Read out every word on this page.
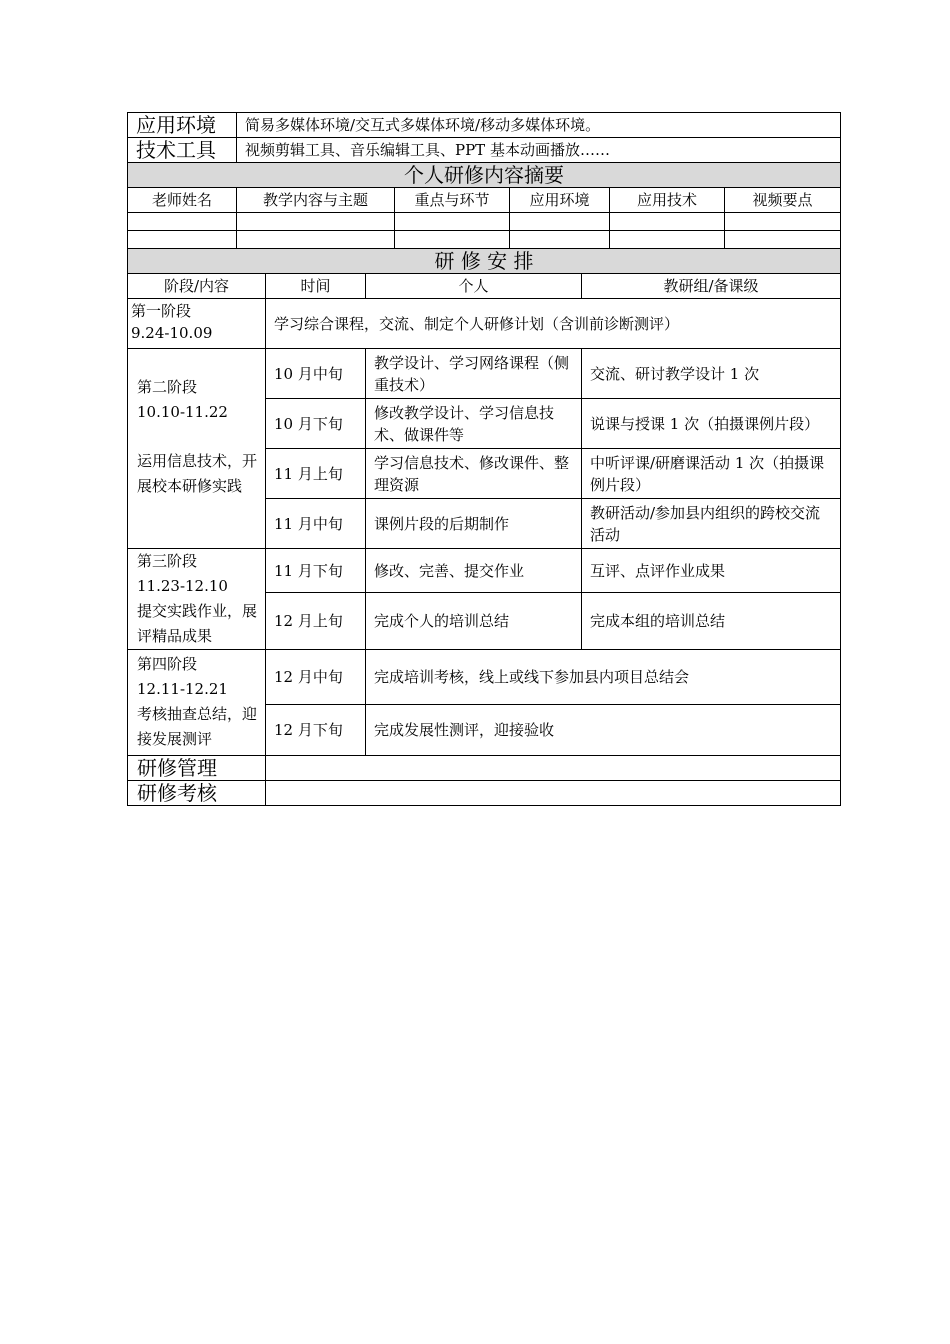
应用环境	简易多媒体环境/交互式多媒体环境/移动多媒体环境。
技术工具	视频剪辑工具、音乐编辑工具、PPT 基本动画播放……
个人研修内容摘要					
老师姓名	教学内容与主题	重点与环节	应用环境	应用技术	视频要点

研 修 安 排			
阶段/内容	时间	个人	教研组/备课级

第一阶段
9.24-10.09	学习综合课程，交流、制定个人研修计划（含训前诊断测评）		

第二阶段
10.10-11.22
运用信息技术，开展校本研修实践	10 月中旬	教学设计、学习网络课程（侧重技术）	交流、研讨教学设计 1 次
	10 月下旬	修改教学设计、学习信息技术、做课件等	说课与授课 1 次（拍摄课例片段）
	11 月上旬	学习信息技术、修改课件、整理资源	中听评课/研磨课活动 1 次（拍摄课例片段）
	11 月中旬	课例片段的后期制作	教研活动/参加县内组织的跨校交流活动

第三阶段
11.23-12.10
提交实践作业，展评精品成果	11 月下旬	修改、完善、提交作业	互评、点评作业成果
	12 月上旬	完成个人的培训总结	完成本组的培训总结

第四阶段
12.11-12.21
考核抽查总结，迎接发展测评	12 月中旬	完成培训考核，线上或线下参加县内项目总结会	
	12 月下旬	完成发展性测评，迎接验收	
研修管理			
研修考核			
